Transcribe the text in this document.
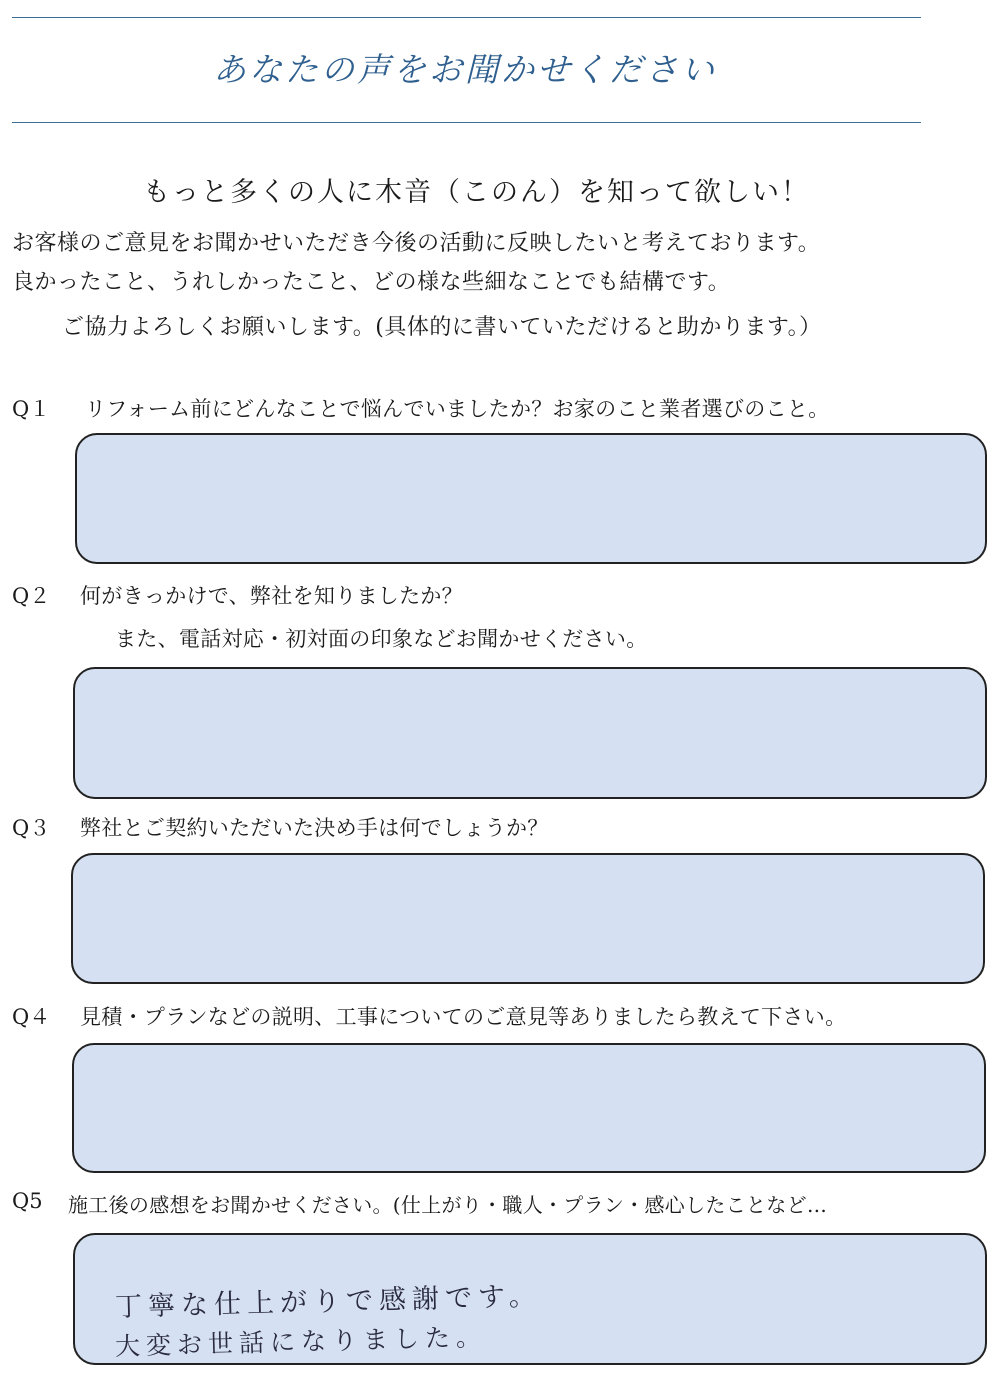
あなたの声をお聞かせください
もっと多くの人に木音（このん）を知って欲しい！
お客様のご意見をお聞かせいただき今後の活動に反映したいと考えております。
良かったこと、うれしかったこと、どの様な些細なことでも結構です。
ご協力よろしくお願いします。(具体的に書いていただけると助かります。）
Q１ リフォーム前にどんなことで悩んでいましたか？お家のこと業者選びのこと。
Q２ 何がきっかけで、弊社を知りましたか？
また、電話対応・初対面の印象などお聞かせください。
Q３ 弊社とご契約いただいた決め手は何でしょうか？
Q４ 見積・プランなどの説明、工事についてのご意見等ありましたら教えて下さい。
Q5 施工後の感想をお聞かせください。(仕上がり・職人・プラン・感心したことなど…
丁寧な仕上がりで感謝です。
大変お世話になりました。
